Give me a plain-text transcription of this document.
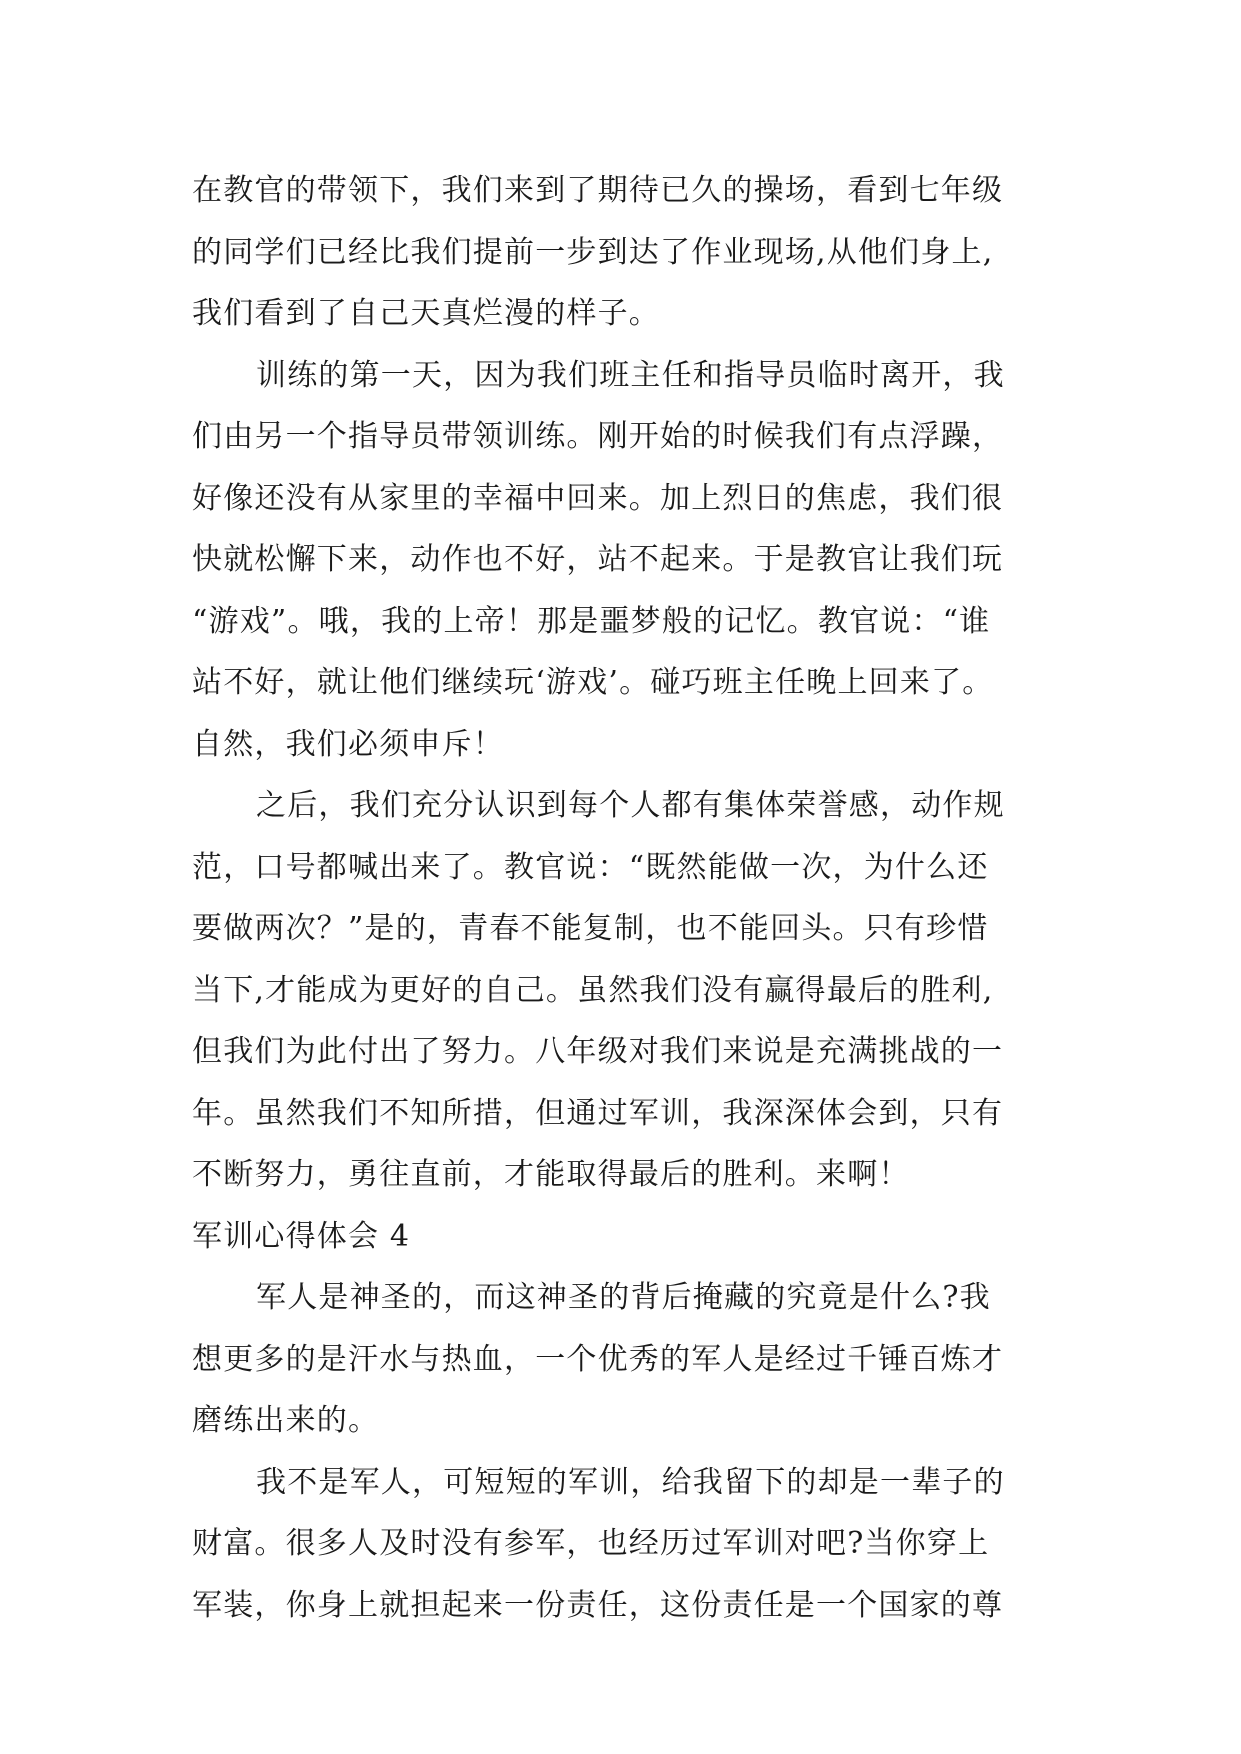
在教官的带领下，我们来到了期待已久的操场，看到七年级
的同学们已经比我们提前一步到达了作业现场,从他们身上,
我们看到了自己天真烂漫的样子。
训练的第一天，因为我们班主任和指导员临时离开，我
们由另一个指导员带领训练。刚开始的时候我们有点浮躁，
好像还没有从家里的幸福中回来。加上烈日的焦虑，我们很
快就松懈下来，动作也不好，站不起来。于是教官让我们玩
“游戏”。哦，我的上帝！那是噩梦般的记忆。教官说：“谁
站不好，就让他们继续玩‘游戏’。碰巧班主任晚上回来了。
自然，我们必须申斥！
之后，我们充分认识到每个人都有集体荣誉感，动作规
范，口号都喊出来了。教官说：“既然能做一次，为什么还
要做两次？”是的，青春不能复制，也不能回头。只有珍惜
当下,才能成为更好的自己。虽然我们没有赢得最后的胜利,
但我们为此付出了努力。八年级对我们来说是充满挑战的一
年。虽然我们不知所措，但通过军训，我深深体会到，只有
不断努力，勇往直前，才能取得最后的胜利。来啊！
军训心得体会 4
军人是神圣的，而这神圣的背后掩藏的究竟是什么?我
想更多的是汗水与热血，一个优秀的军人是经过千锤百炼才
磨练出来的。
我不是军人，可短短的军训，给我留下的却是一辈子的
财富。很多人及时没有参军，也经历过军训对吧?当你穿上
军装，你身上就担起来一份责任，这份责任是一个国家的尊
